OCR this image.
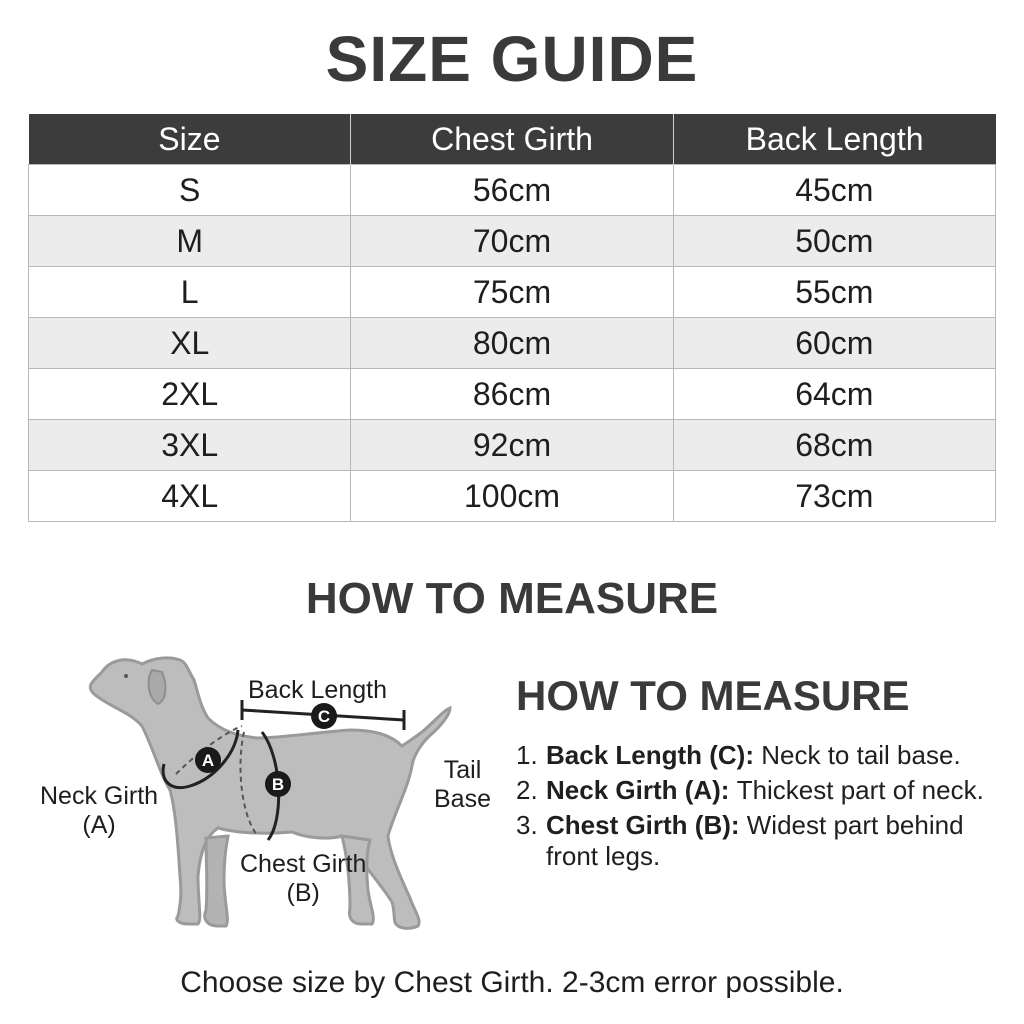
SIZE GUIDE
Size	Chest Girth	Back Length
S	56cm	45cm
M	70cm	50cm
L	75cm	55cm
XL	80cm	60cm
2XL	86cm	64cm
3XL	92cm	68cm
4XL	100cm	73cm
HOW TO MEASURE
C
A
B
Back Length
Tail
Base
Neck Girth
(A)
Chest Girth
(B)
HOW TO MEASURE
1. Back Length (C): Neck to tail base.
2. Neck Girth (A): Thickest part of neck.
3. Chest Girth (B): Widest part behind front legs.
Choose size by Chest Girth. 2-3cm error possible.
